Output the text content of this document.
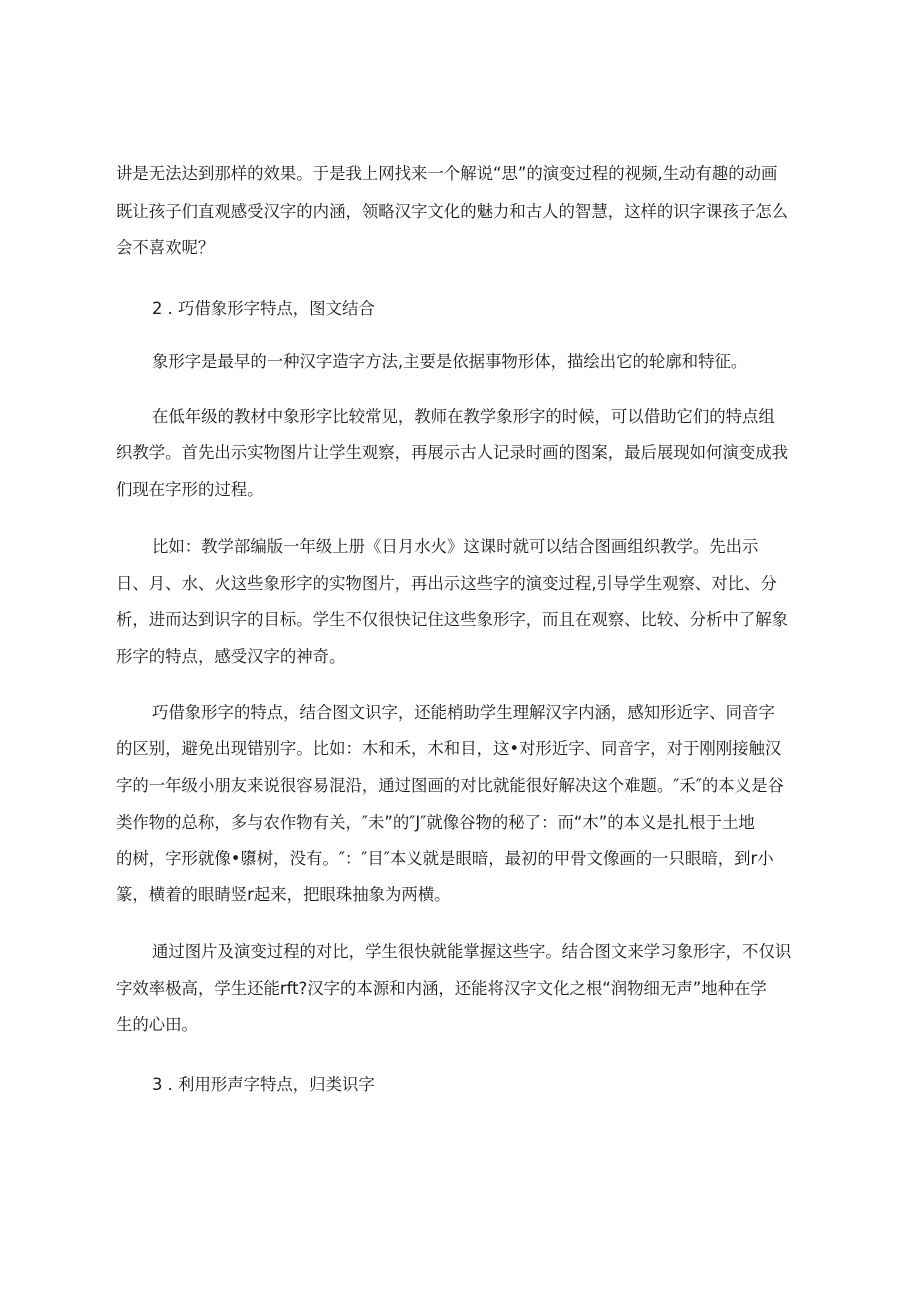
讲是无法达到那样的效果。于是我上网找来一个解说“思”的演变过程的视频,生动有趣的动画
既让孩子们直观感受汉字的内涵，领略汉字文化的魅力和古人的智慧，这样的识字课孩子怎么
会不喜欢呢？
2 . 巧借象形字特点，图文结合
象形字是最早的一种汉字造字方法,主要是依据事物形体，描绘出它的轮廓和特征。
在低年级的教材中象形字比较常见，教师在教学象形字的时候，可以借助它们的特点组
织教学。首先出示实物图片让学生观察，再展示古人记录时画的图案，最后展现如何演变成我
们现在字形的过程。
比如：教学部编版一年级上册《日月水火》这课时就可以结合图画组织教学。先出示
日、月、水、火这些象形字的实物图片，再出示这些字的演变过程,引导学生观察、对比、分
析，进而达到识字的目标。学生不仅很快记住这些象形字，而且在观察、比较、分析中了解象
形字的特点，感受汉字的神奇。
巧借象形字的特点，结合图文识字，还能梢助学生理解汉字内涵，感知形近字、同音字
的区别，避免出现错别字。比如：木和禾，木和目，这•对形近字、同音字，对于刚刚接触汉
字的一年级小朋友来说很容易混沿，通过图画的对比就能很好解决这个难题。″禾″的本义是谷
类作物的总称，多与农作物有关，″未”的″J″就像谷物的秘了：而“木”的本义是扎根于土地
的树，字形就像•隳树，没有。″：″目″本义就是眼暗，最初的甲骨文像画的一只眼暗，到r小
篆，横着的眼睛竖r起来，把眼珠抽象为两横。
通过图片及演变过程的对比，学生很快就能掌握这些字。结合图文来学习象形字，不仅识
字效率极高，学生还能rft?汉字的本源和内涵，还能将汉字文化之根“润物细无声”地种在学
生的心田。
3 . 利用形声字特点，归类识字
